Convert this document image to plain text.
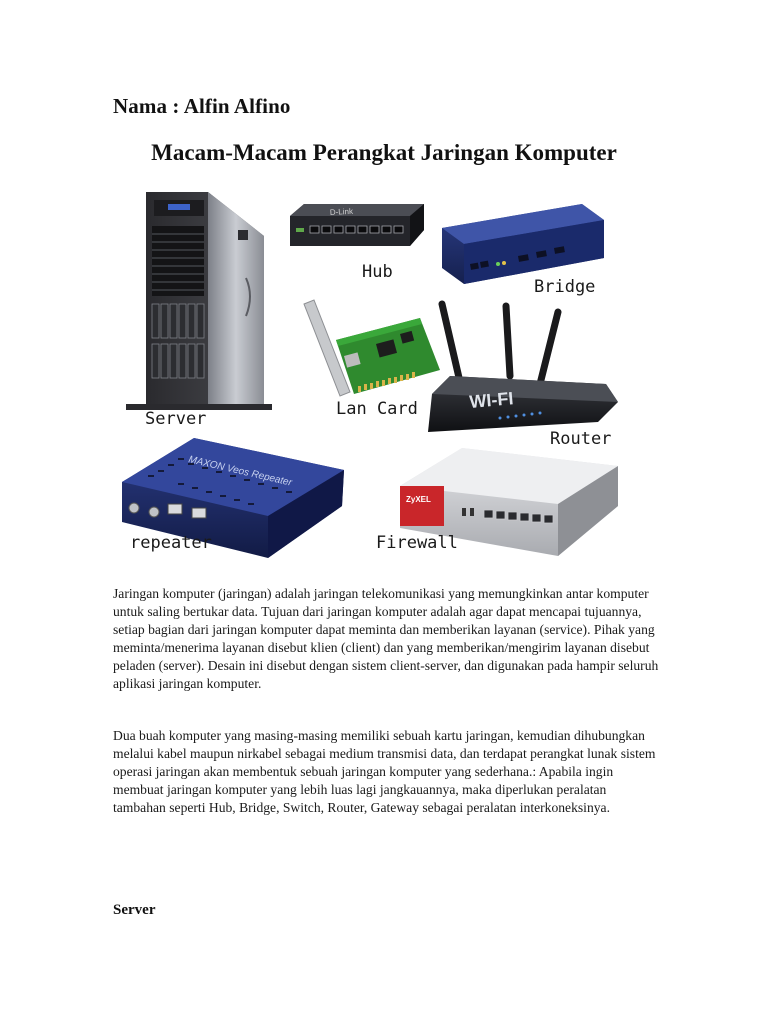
Nama : Alfin Alfino
Macam-Macam Perangkat Jaringan Komputer
Server
D-Link
Hub
Bridge
Lan Card	WI-FI
Router
MAXON Veos Repeater
repeater
ZyXEL
Firewall

Jaringan komputer (jaringan) adalah jaringan telekomunikasi yang memungkinkan antar komputer untuk saling bertukar data. Tujuan dari jaringan komputer adalah agar dapat mencapai tujuannya, setiap bagian dari jaringan komputer dapat meminta dan memberikan layanan (service). Pihak yang meminta/menerima layanan disebut klien (client) dan yang memberikan/mengirim layanan disebut peladen (server). Desain ini disebut dengan sistem client-server, dan digunakan pada hampir seluruh aplikasi jaringan komputer.

Dua buah komputer yang masing-masing memiliki sebuah kartu jaringan, kemudian dihubungkan melalui kabel maupun nirkabel sebagai medium transmisi data, dan terdapat perangkat lunak sistem operasi jaringan akan membentuk sebuah jaringan komputer yang sederhana.: Apabila ingin membuat jaringan komputer yang lebih luas lagi jangkauannya, maka diperlukan peralatan tambahan seperti Hub, Bridge, Switch, Router, Gateway sebagai peralatan interkoneksinya.

Server
